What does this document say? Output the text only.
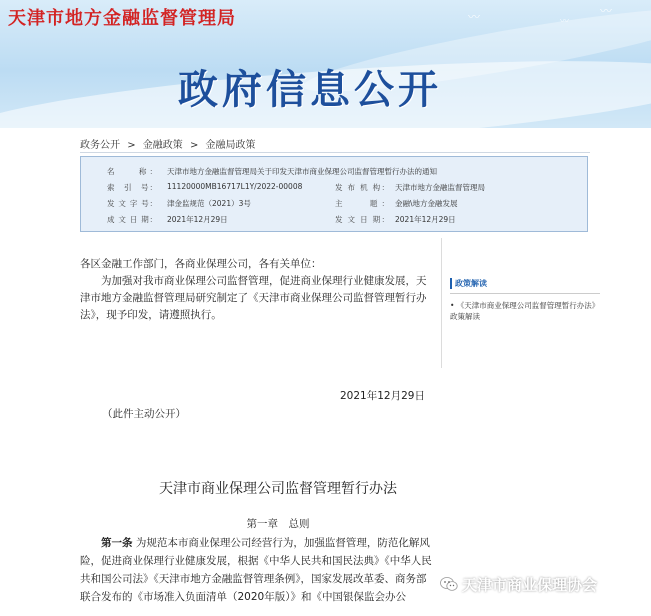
〰	〰
〰
天津市地方金融监督管理局
政府信息公开
政务公开 > 金融政策 > 金融局政策
名　　称： 天津市地方金融监督管理局关于印发天津市商业保理公司监督管理暂行办法的通知
索　引　号： 11120000MB16717L1Y/2022-00008	发 布 机 构： 天津市地方金融监督管理局
发 文 字 号： 津金监规范（2021）3号	主　　题： 金融\地方金融发展
成 文 日 期： 2021年12月29日	发 文 日 期： 2021年12月29日
政策解读
• 《天津市商业保理公司监督管理暂行办法》政策解读
各区金融工作部门，各商业保理公司，各有关单位：
为加强对我市商业保理公司监督管理，促进商业保理行业健康发展，天津市地方金融监督管理局研究制定了《天津市商业保理公司监督管理暂行办法》，现予印发，请遵照执行。
2021年12月29日
（此件主动公开）
天津市商业保理公司监督管理暂行办法
第一章　总则
第一条 为规范本市商业保理公司经营行为，加强监督管理，防范化解风险，促进商业保理行业健康发展，根据《中华人民共和国民法典》《中华人民共和国公司法》《天津市地方金融监督管理条例》，国家发展改革委、商务部联合发布的《市场准入负面清单（2020年版）》和《中国银保监会办公
天津市商业保理协会
